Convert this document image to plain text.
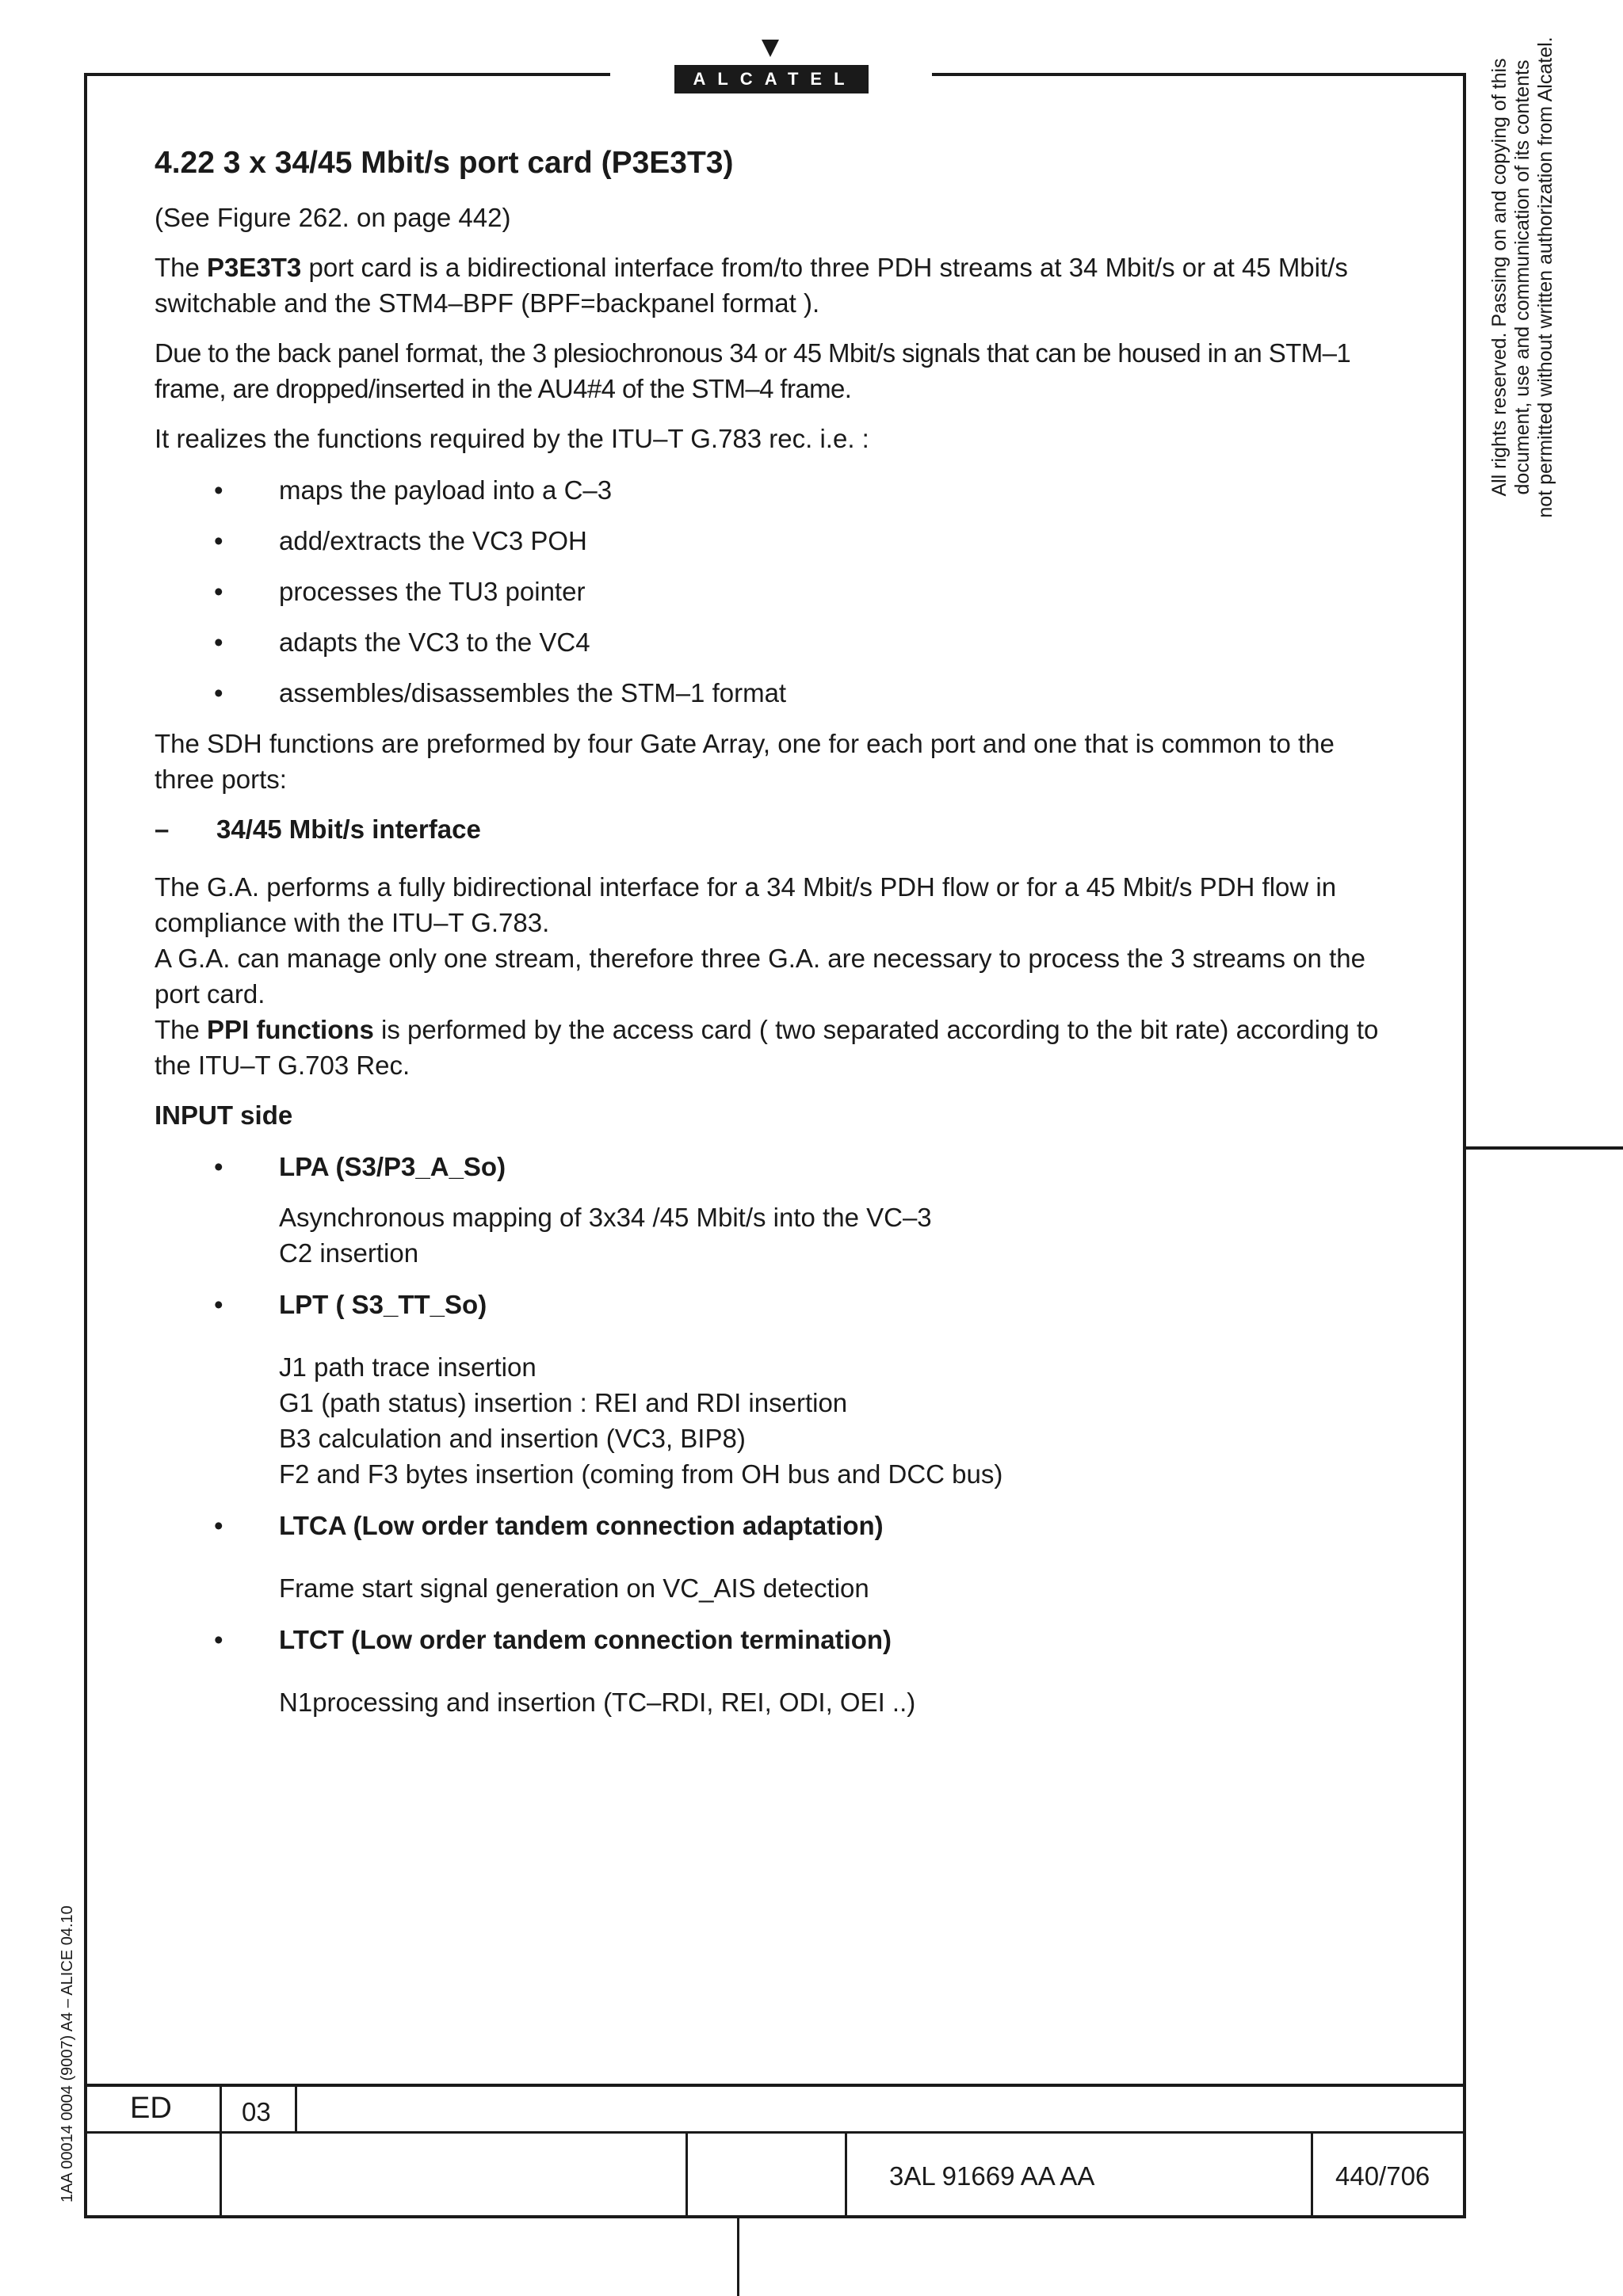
ALCATEL	All rights reserved. Passing on and copying of this document, use and communication of its contents not permitted without written authorization from Alcatel.
1AA 00014 0004 (9007) A4 – ALICE 04.10
4.22 3 x 34/45 Mbit/s port card (P3E3T3)

(See Figure 262. on page 442)

The P3E3T3 port card is a bidirectional interface from/to three PDH streams at 34 Mbit/s or at 45 Mbit/s switchable and the STM4–BPF (BPF=backpanel format ).

Due to the back panel format, the 3 plesiochronous 34 or 45 Mbit/s signals that can be housed in an STM–1 frame, are dropped/inserted in the AU4#4 of the STM–4 frame.

It realizes the functions required by the ITU–T G.783 rec. i.e. :

• maps the payload into a C–3
• add/extracts the VC3 POH
• processes the TU3 pointer
• adapts the VC3 to the VC4
• assembles/disassembles the STM–1 format

The SDH functions are preformed by four Gate Array, one for each port and one that is common to the three ports:

– 34/45 Mbit/s interface

The G.A. performs a fully bidirectional interface for a 34 Mbit/s PDH flow or for a 45 Mbit/s PDH flow in compliance with the ITU–T G.783.
A G.A. can manage only one stream, therefore three G.A. are necessary to process the 3 streams on the port card.
The PPI functions is performed by the access card ( two separated according to the bit rate) according to the ITU–T G.703 Rec.

INPUT side

• LPA (S3/P3_A_So)
Asynchronous mapping of 3x34 /45 Mbit/s into the VC–3
C2 insertion
• LPT ( S3_TT_So)
J1 path trace insertion
G1 (path status) insertion : REI and RDI insertion
B3 calculation and insertion (VC3, BIP8)
F2 and F3 bytes insertion (coming from OH bus and DCC bus)
• LTCA (Low order tandem connection adaptation)
Frame start signal generation on VC_AIS detection
• LTCT (Low order tandem connection termination)
N1processing and insertion (TC–RDI, REI, ODI, OEI ..)
ED	03
3AL 91669 AA AA	440/706
